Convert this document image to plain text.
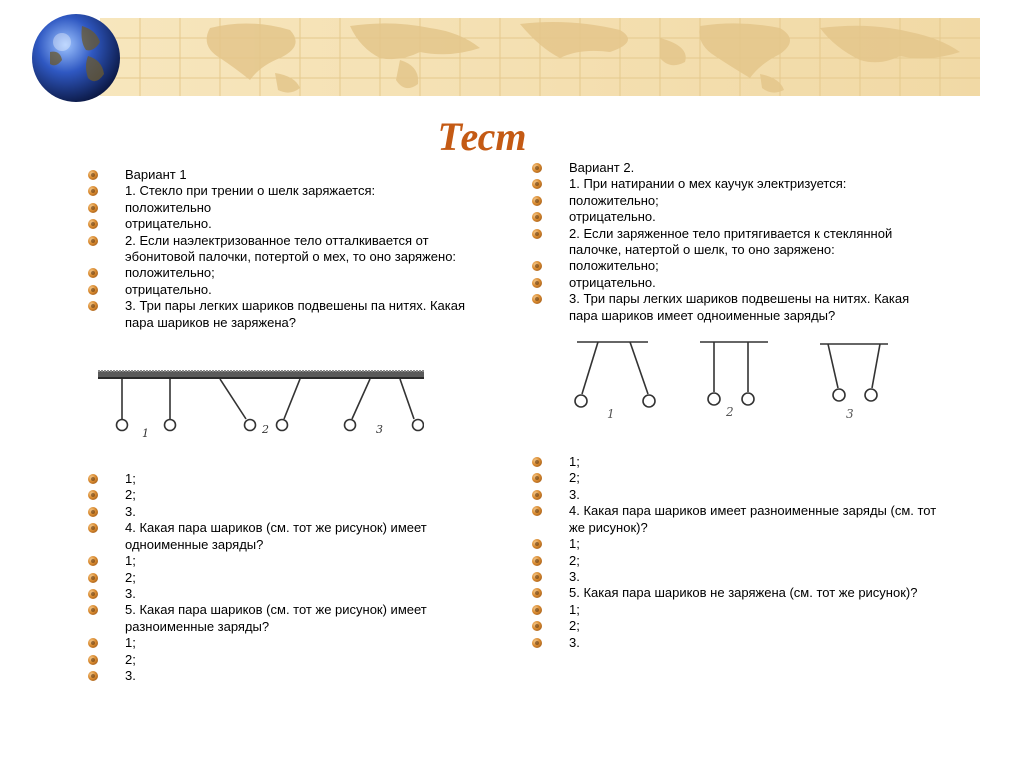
Тест
Вариант 1
1. Стекло при трении о шелк заряжается:
положительно
отрицательно.
2. Если наэлектризованное тело отталкивается от эбонитовой палочки, потертой о мех, то оно заряжено:
положительно;
отрицательно.
3. Три пары легких шариков подвешены па нитях. Какая пара шариков не заряжена?
1	2	3
1;
2;
3.
4. Какая пара шариков (см. тот же рисунок) имеет одноименные заряды?
1;
2;
3.
5. Какая пара шариков (см. тот же рисунок) имеет разноименные заряды?
1;
2;
3.
Вариант 2.
1. При натирании о мех каучук электризуется:
положительно;
отрицательно.
2. Если заряженное тело притягивается к стеклянной палочке, натертой о шелк, то оно заряжено:
положительно;
отрицательно.
3. Три пары легких шариков подвешены на нитях. Какая пара шариков имеет одноименные заряды?
1	2	3
1;
2;
3.
4. Какая пара шариков имеет разноименные заряды (см. тот же рисунок)?
1;
2;
3.
5. Какая пара шариков не заряжена (см. тот же рисунок)?
1;
2;
3.
